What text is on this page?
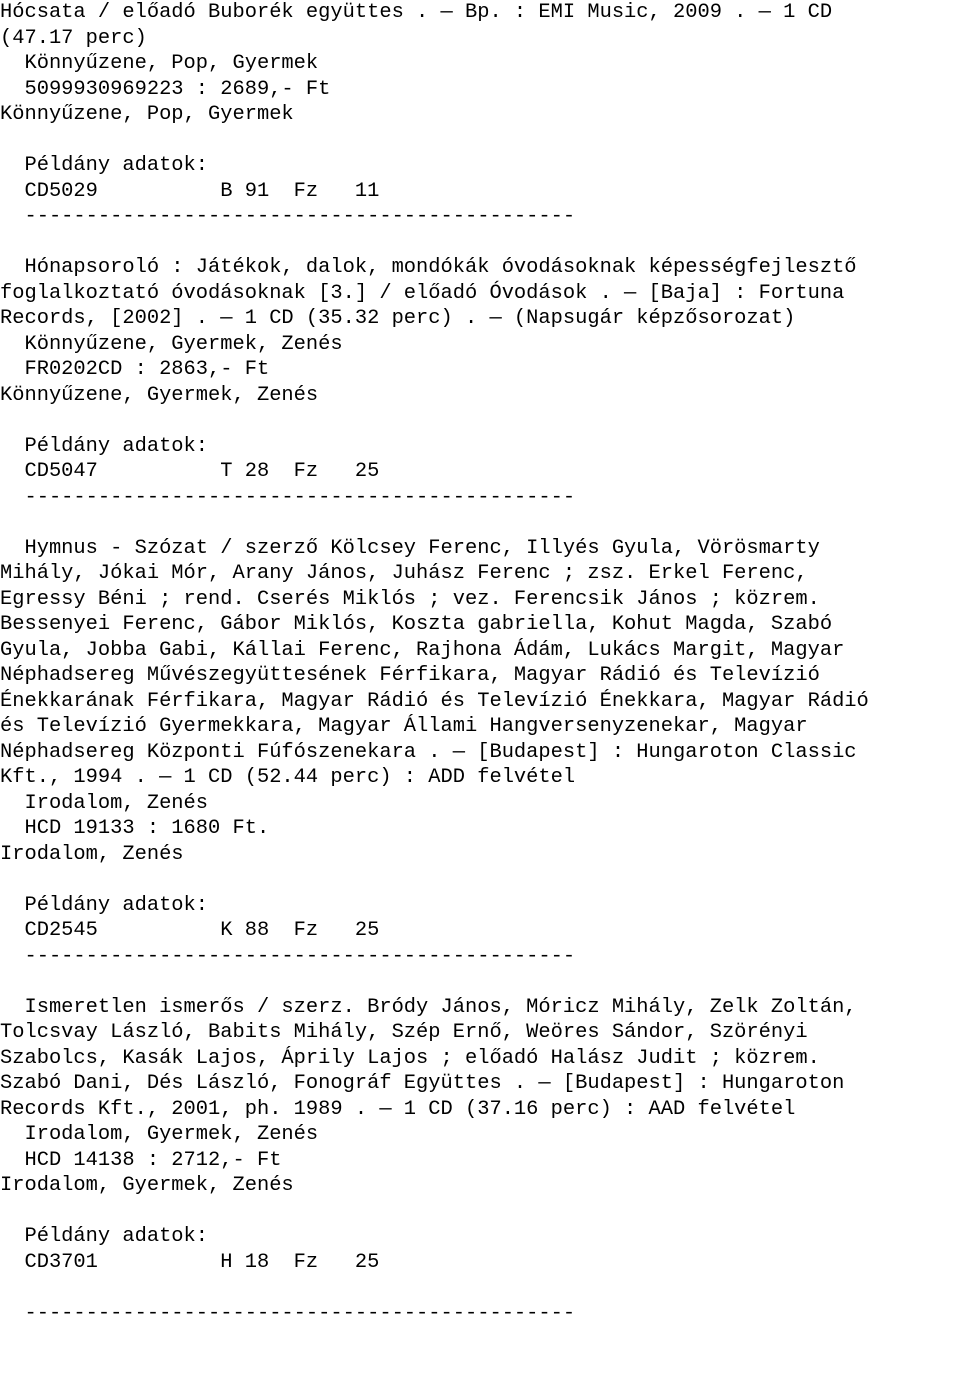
Hócsata / előadó Buborék együttes . — Bp. : EMI Music, 2009 . — 1 CD
(47.17 perc)
Könnyűzene, Pop, Gyermek
5099930969223 : 2689,- Ft
Könnyűzene, Pop, Gyermek
Példány adatok:
CD5029          B 91  Fz   11
---------------------------------------------
Hónapsoroló : Játékok, dalok, mondókák óvodásoknak képességfejlesztő
foglalkoztató óvodásoknak [3.] / előadó Óvodások . — [Baja] : Fortuna
Records, [2002] . — 1 CD (35.32 perc) . — (Napsugár képzősorozat)
Könnyűzene, Gyermek, Zenés
FR0202CD : 2863,- Ft
Könnyűzene, Gyermek, Zenés
Példány adatok:
CD5047          T 28  Fz   25
---------------------------------------------
Hymnus - Szózat / szerző Kölcsey Ferenc, Illyés Gyula, Vörösmarty
Mihály, Jókai Mór, Arany János, Juhász Ferenc ; zsz. Erkel Ferenc,
Egressy Béni ; rend. Cserés Miklós ; vez. Ferencsik János ; közrem.
Bessenyei Ferenc, Gábor Miklós, Koszta gabriella, Kohut Magda, Szabó
Gyula, Jobba Gabi, Kállai Ferenc, Rajhona Ádám, Lukács Margit, Magyar
Néphadsereg Művészegyüttesének Férfikara, Magyar Rádió és Televízió
Énekkarának Férfikara, Magyar Rádió és Televízió Énekkara, Magyar Rádió
és Televízió Gyermekkara, Magyar Állami Hangversenyzenekar, Magyar
Néphadsereg Központi Fúfószenekara . — [Budapest] : Hungaroton Classic
Kft., 1994 . — 1 CD (52.44 perc) : ADD felvétel
Irodalom, Zenés
HCD 19133 : 1680 Ft.
Irodalom, Zenés
Példány adatok:
CD2545          K 88  Fz   25
---------------------------------------------
Ismeretlen ismerős / szerz. Bródy János, Móricz Mihály, Zelk Zoltán,
Tolcsvay László, Babits Mihály, Szép Ernő, Weöres Sándor, Szörényi
Szabolcs, Kasák Lajos, Áprily Lajos ; előadó Halász Judit ; közrem.
Szabó Dani, Dés László, Fonográf Együttes . — [Budapest] : Hungaroton
Records Kft., 2001, ph. 1989 . — 1 CD (37.16 perc) : AAD felvétel
Irodalom, Gyermek, Zenés
HCD 14138 : 2712,- Ft
Irodalom, Gyermek, Zenés
Példány adatok:
CD3701          H 18  Fz   25
---------------------------------------------
